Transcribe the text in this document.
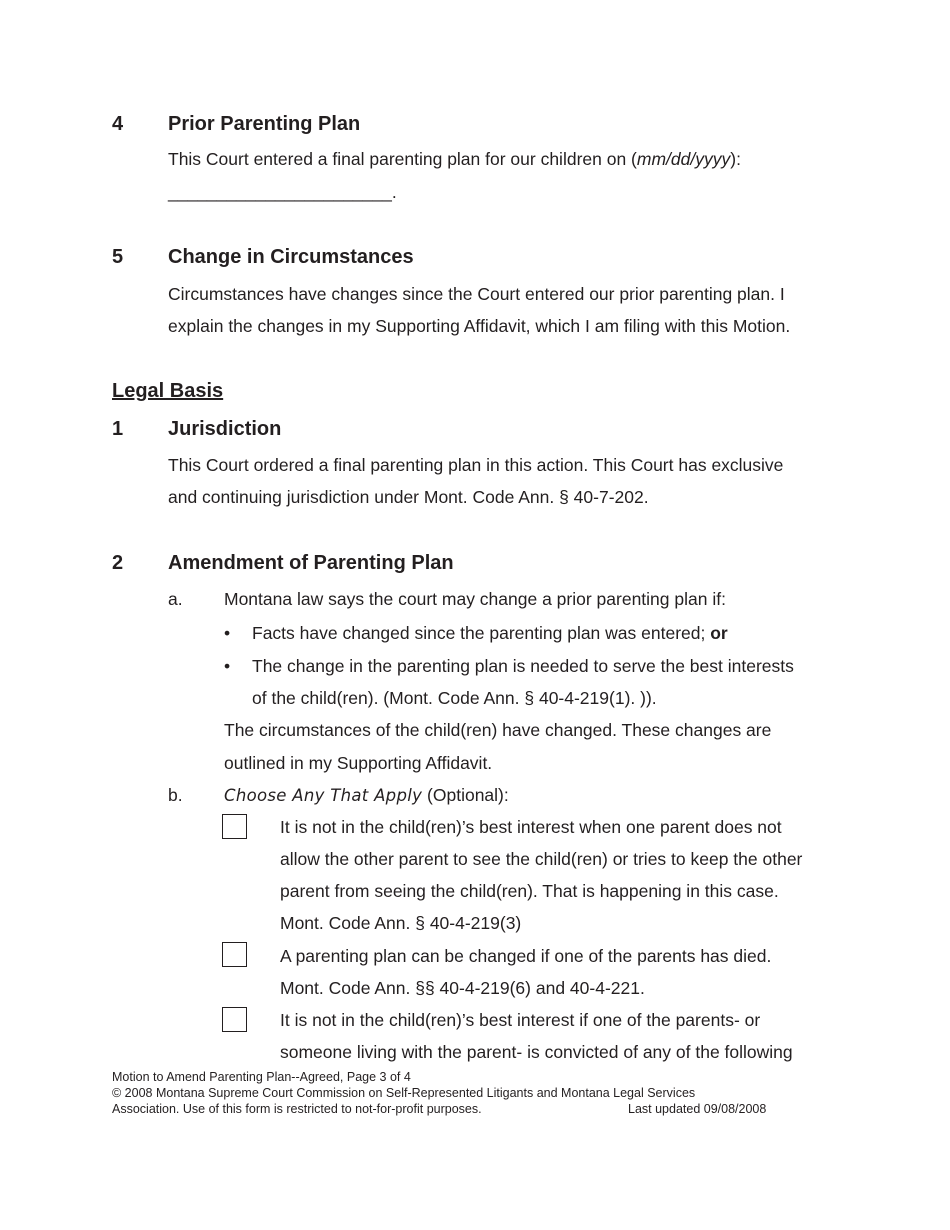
4 Prior Parenting Plan
This Court entered a final parenting plan for our children on (mm/dd/yyyy):
_______________________.
5 Change in Circumstances
Circumstances have changes since the Court entered our prior parenting plan. I
explain the changes in my Supporting Affidavit, which I am filing with this Motion.
Legal Basis
1 Jurisdiction
This Court ordered a final parenting plan in this action. This Court has exclusive
and continuing jurisdiction under Mont. Code Ann. § 40-7-202.
2 Amendment of Parenting Plan
a. Montana law says the court may change a prior parenting plan if:
• Facts have changed since the parenting plan was entered; or
• The change in the parenting plan is needed to serve the best interests
of the child(ren). (Mont. Code Ann. § 40-4-219(1). )).
The circumstances of the child(ren) have changed. These changes are
outlined in my Supporting Affidavit.
b.	Choose Any That Apply (Optional):
It is not in the child(ren)’s best interest when one parent does not
allow the other parent to see the child(ren) or tries to keep the other
parent from seeing the child(ren). That is happening in this case.
Mont. Code Ann. § 40-4-219(3)
A parenting plan can be changed if one of the parents has died.
Mont. Code Ann. §§ 40-4-219(6) and 40-4-221.
It is not in the child(ren)’s best interest if one of the parents- or
someone living with the parent- is convicted of any of the following
Motion to Amend Parenting Plan--Agreed, Page 3 of 4
© 2008 Montana Supreme Court Commission on Self-Represented Litigants and Montana Legal Services
Association. Use of this form is restricted to not-for-profit purposes.	Last updated 09/08/2008
